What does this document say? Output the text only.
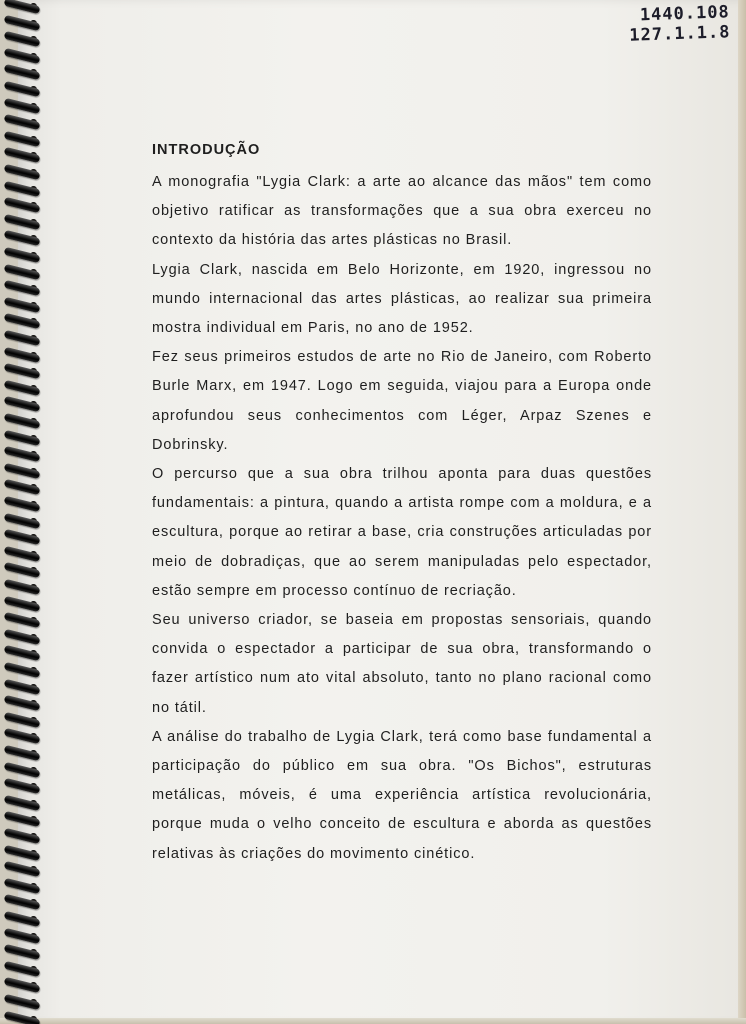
1440.108
127.1.1.8
INTRODUÇÃO

A monografia "Lygia Clark: a arte ao alcance das mãos" tem como objetivo ratificar as transformações que a sua obra exerceu no contexto da história das artes plásticas no Brasil.

Lygia Clark, nascida em Belo Horizonte, em 1920, ingressou no mundo internacional das artes plásticas, ao realizar sua primeira mostra individual em Paris, no ano de 1952.

Fez seus primeiros estudos de arte no Rio de Janeiro, com Roberto Burle Marx, em 1947. Logo em seguida, viajou para a Europa onde aprofundou seus conhecimentos com Léger, Arpaz Szenes e Dobrinsky.

O percurso que a sua obra trilhou aponta para duas questões fundamentais: a pintura, quando a artista rompe com a moldura, e a escultura, porque ao retirar a base, cria construções articuladas por meio de dobradiças, que ao serem manipuladas pelo espectador, estão sempre em processo contínuo de recriação.

Seu universo criador, se baseia em propostas sensoriais, quando convida o espectador a participar de sua obra, transformando o fazer artístico num ato vital absoluto, tanto no plano racional como no tátil.

A análise do trabalho de Lygia Clark, terá como base fundamental a participação do público em sua obra. "Os Bichos", estruturas metálicas, móveis, é uma experiência artística revolucionária, porque muda o velho conceito de escultura e aborda as questões relativas às criações do movimento cinético.
